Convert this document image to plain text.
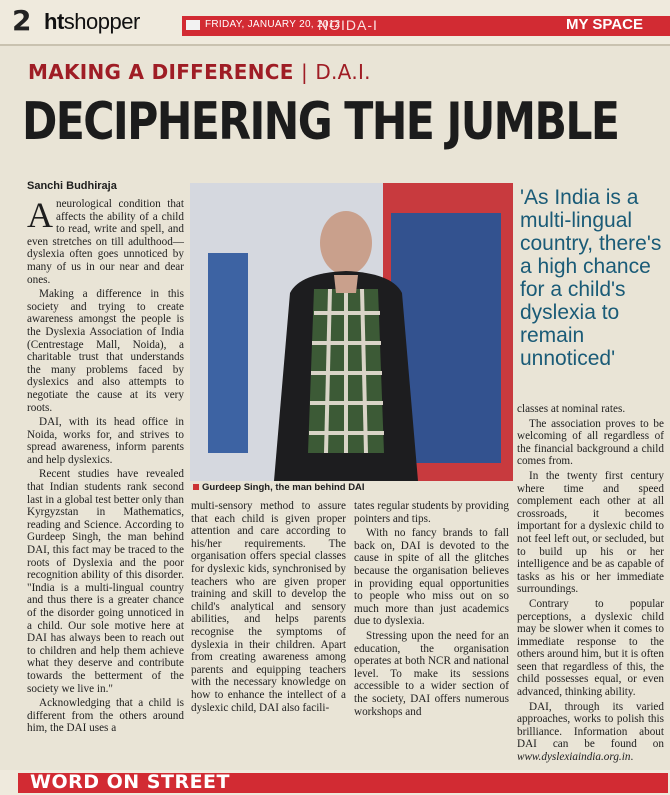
2 htshopper	FRIDAY, JANUARY 20, 2012
NOIDA-I	MY SPACE
MAKING A DIFFERENCE | D.A.I.
DECIPHERING THE JUMBLE
Sanchi Budhiraja

Aneurological condition that affects the ability of a child to read, write and spell, and even stretches on till adulthood—dyslexia often goes unnoticed by many of us in our near and dear ones.

Making a difference in this society and trying to create awareness amongst the people is the Dyslexia Association of India (Centrestage Mall, Noida), a charitable trust that understands the many problems faced by dyslexics and also attempts to negotiate the cause at its very roots.

DAI, with its head office in Noida, works for, and strives to spread awareness, inform parents and help dyslexics.

Recent studies have revealed that Indian students rank second last in a global test better only than Kyrgyzstan in Mathematics, reading and Science. According to Gurdeep Singh, the man behind DAI, this fact may be traced to the roots of Dyslexia and the poor recognition ability of this disorder. "India is a multi-lingual country and thus there is a greater chance of the disorder going unnoticed in a child. Our sole motive here at DAI has always been to reach out to children and help them achieve what they deserve and contribute towards the betterment of the society we live in."

Acknowledging that a child is different from the others around him, the DAI uses a

Gurdeep Singh, the man behind DAI
'As India is a multi-lingual country, there's a high chance for a child's dyslexia to remain unnoticed'

multi-sensory method to assure that each child is given proper attention and care according to his/her requirements. The organisation offers special classes for dyslexic kids, synchronised by teachers who are given proper training and skill to develop the child's analytical and sensory abilities, and helps parents recognise the symptoms of dyslexia in their children. Apart from creating awareness among parents and equipping teachers with the necessary knowledge on how to enhance the intellect of a dyslexic child, DAI also facili-

tates regular students by providing pointers and tips.

With no fancy brands to fall back on, DAI is devoted to the cause in spite of all the glitches because the organisation believes in providing equal opportunities to people who miss out on so much more than just academics due to dyslexia.

Stressing upon the need for an education, the organisation operates at both NCR and national level. To make its sessions accessible to a wider section of the society, DAI offers numerous workshops and

classes at nominal rates.

The association proves to be welcoming of all regardless of the financial background a child comes from.

In the twenty first century where time and speed complement each other at all crossroads, it becomes important for a dyslexic child to not feel left out, or secluded, but to build up his or her intelligence and be as capable of tasks as his or her immediate surroundings.

Contrary to popular perceptions, a dyslexic child may be slower when it comes to immediate response to the others around him, but it is often seen that regardless of this, the child possesses equal, or even advanced, thinking ability.

DAI, through its varied approaches, works to polish this brilliance. Information about DAI can be found on www.dyslexiaindia.org.in.

WORD ON STREET
